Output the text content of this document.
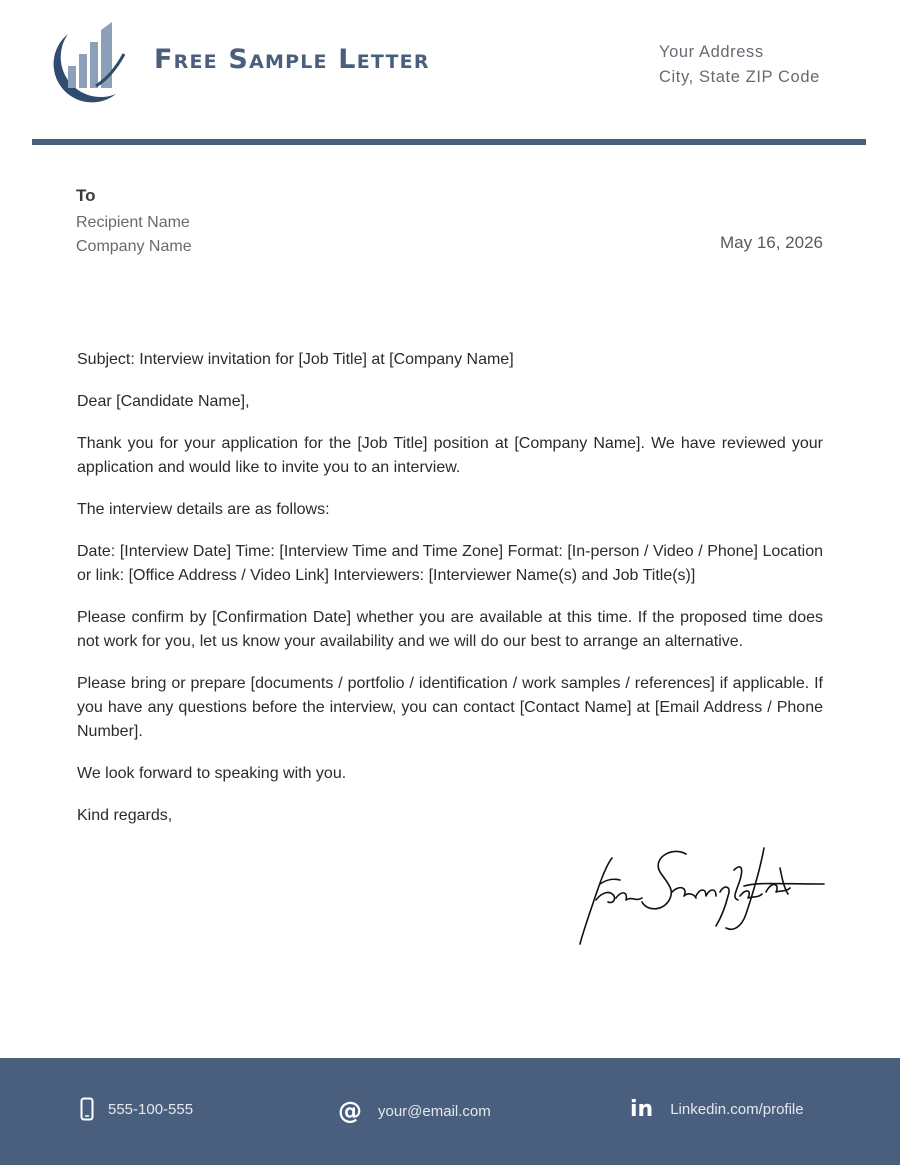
Free Sample Letter	Your Address
City, State ZIP Code
To
Recipient Name
Company Name	May 16, 2026

Subject: Interview invitation for [Job Title] at [Company Name]

Dear [Candidate Name],

Thank you for your application for the [Job Title] position at [Company Name]. We have reviewed your application and would like to invite you to an interview.

The interview details are as follows:

Date: [Interview Date] Time: [Interview Time and Time Zone] Format: [In-person / Video / Phone] Location or link: [Office Address / Video Link] Interviewers: [Interviewer Name(s) and Job Title(s)]

Please confirm by [Confirmation Date] whether you are available at this time. If the proposed time does not work for you, let us know your availability and we will do our best to arrange an alternative.

Please bring or prepare [documents / portfolio / identification / work samples / references] if applicable. If you have any questions before the interview, you can contact [Contact Name] at [Email Address / Phone Number].

We look forward to speaking with you.

Kind regards,

555-100-555	@ your@email.com	in Linkedin.com/profile
